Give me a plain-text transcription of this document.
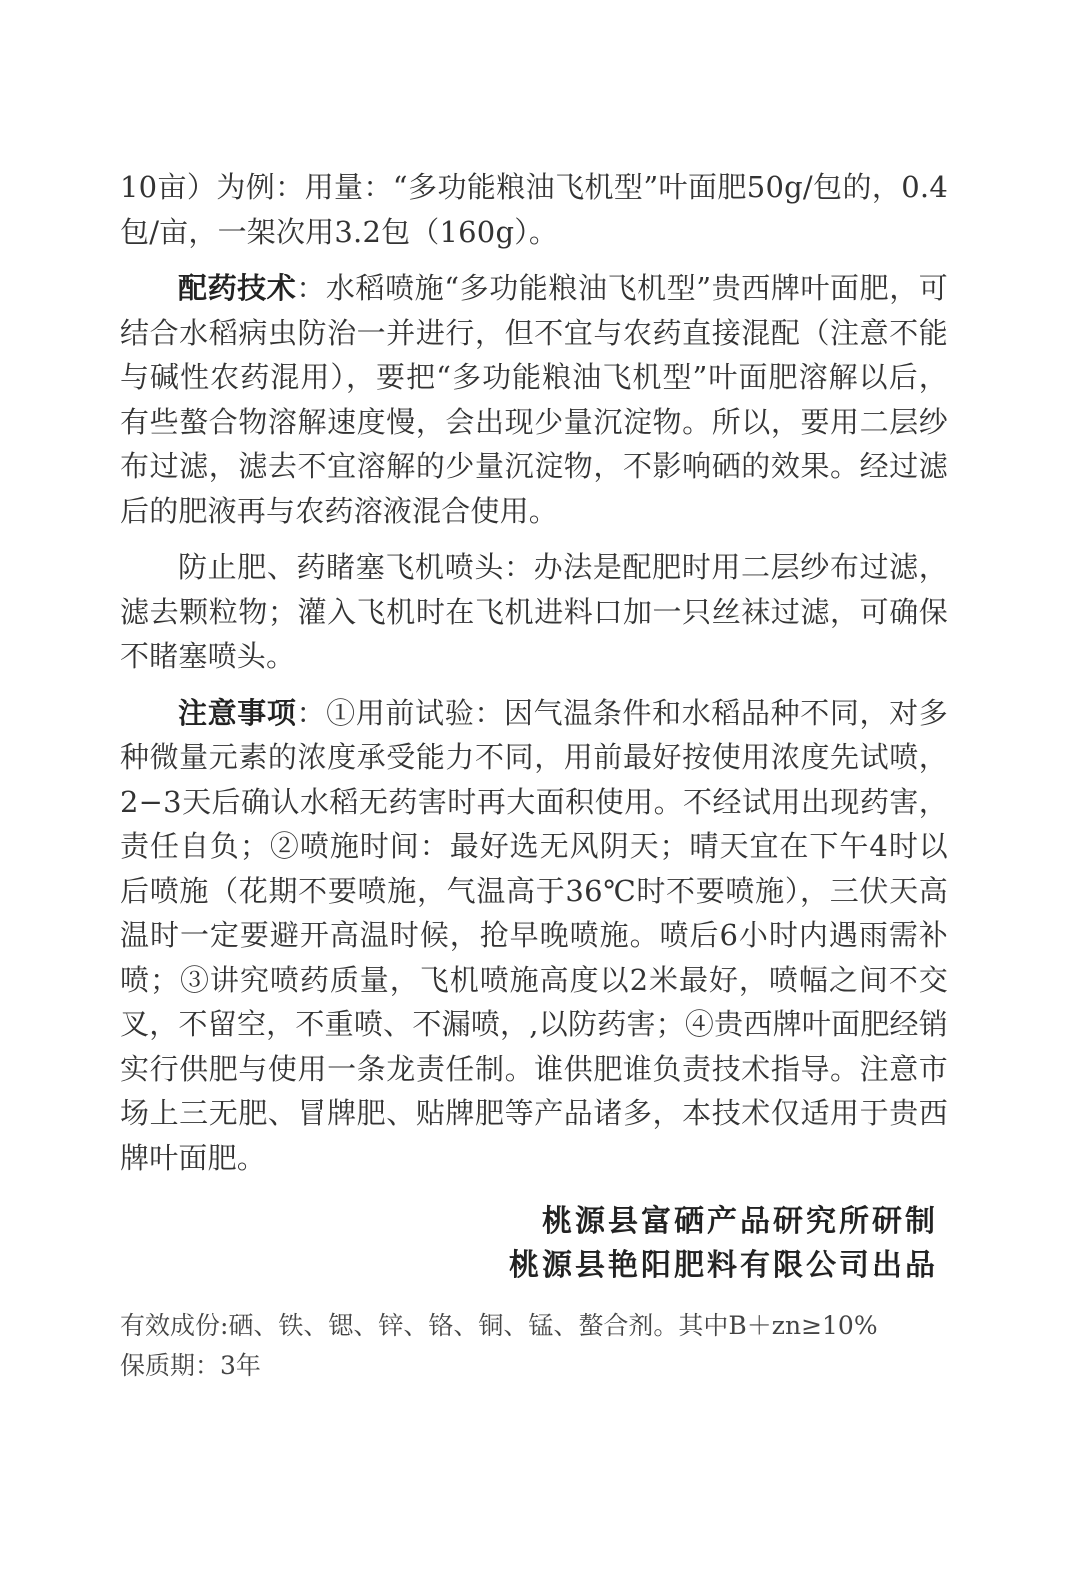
10亩）为例：用量：“多功能粮油飞机型”叶面肥50g/包的，0.4包/亩，一架次用3.2包（160g）。

配药技术：水稻喷施“多功能粮油飞机型”贵西牌叶面肥，可结合水稻病虫防治一并进行，但不宜与农药直接混配（注意不能与碱性农药混用），要把“多功能粮油飞机型”叶面肥溶解以后，有些螯合物溶解速度慢，会出现少量沉淀物。所以，要用二层纱布过滤，滤去不宜溶解的少量沉淀物，不影响硒的效果。经过滤后的肥液再与农药溶液混合使用。

防止肥、药睹塞飞机喷头：办法是配肥时用二层纱布过滤，滤去颗粒物；灌入飞机时在飞机进料口加一只丝袜过滤，可确保不睹塞喷头。

注意事项：①用前试验：因气温条件和水稻品种不同，对多种微量元素的浓度承受能力不同，用前最好按使用浓度先试喷，2−3天后确认水稻无药害时再大面积使用。不经试用出现药害，责任自负；②喷施时间：最好选无风阴天；晴天宜在下午4时以后喷施（花期不要喷施，气温高于36℃时不要喷施），三伏天高温时一定要避开高温时候，抢早晚喷施。喷后6小时内遇雨需补喷；③讲究喷药质量，飞机喷施高度以2米最好，喷幅之间不交叉，不留空，不重喷、不漏喷，,以防药害；④贵西牌叶面肥经销实行供肥与使用一条龙责任制。谁供肥谁负责技术指导。注意市场上三无肥、冒牌肥、贴牌肥等产品诸多，本技术仅适用于贵西牌叶面肥。

桃源县富硒产品研究所研制
桃源县艳阳肥料有限公司出品
有效成份:硒、铁、锶、锌、铬、铜、锰、螯合剂。其中B＋zn≥10%
保质期：3年
